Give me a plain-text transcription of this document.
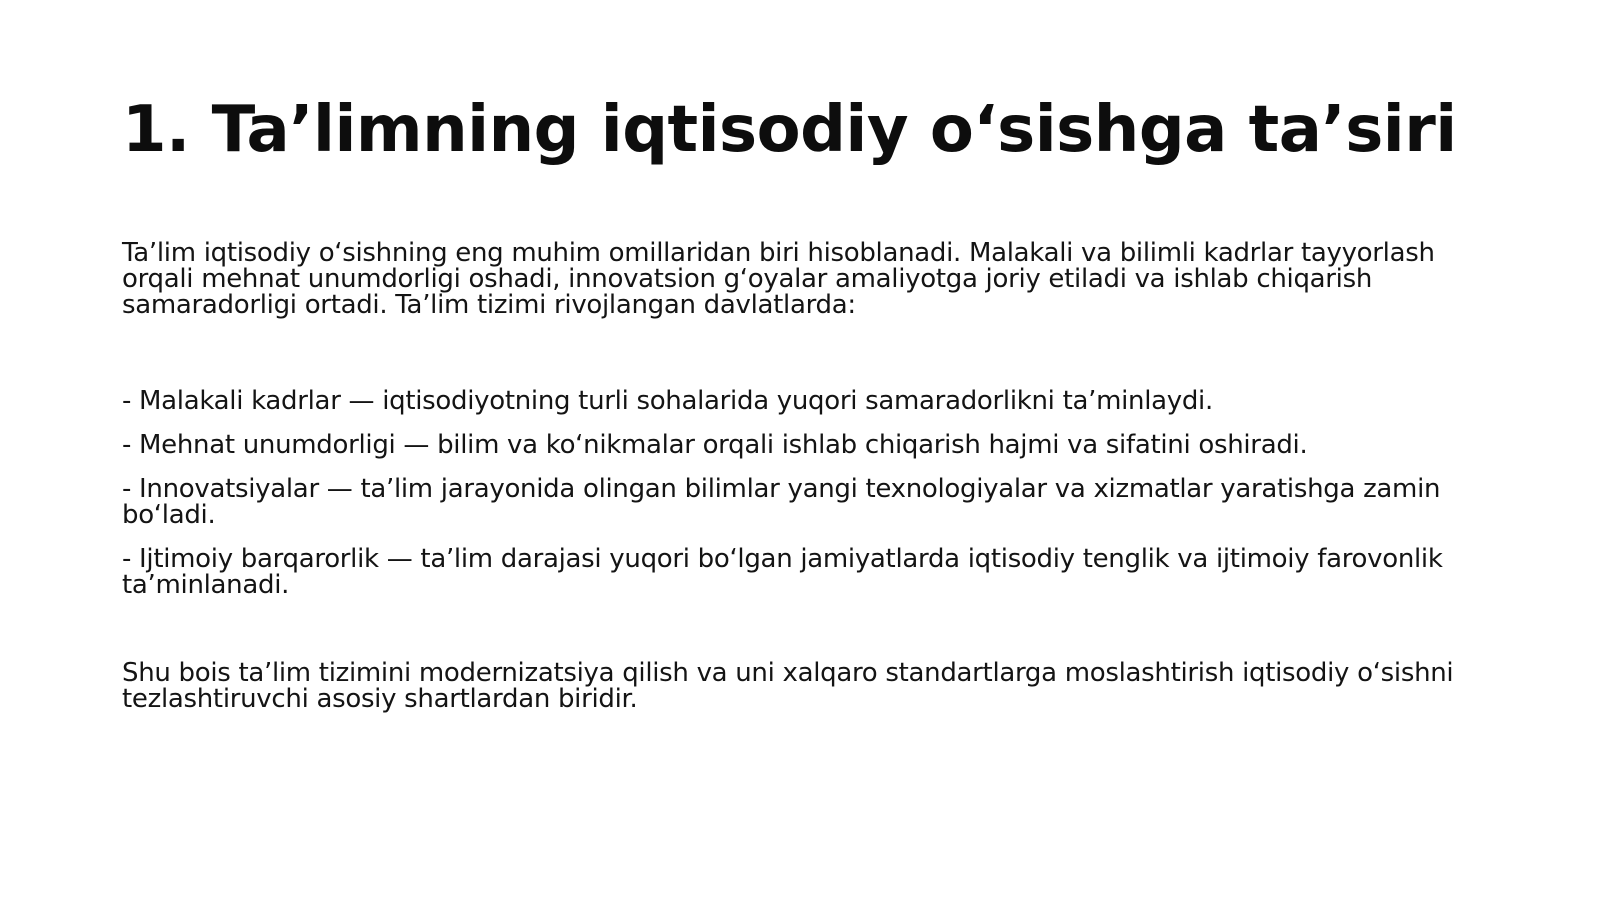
1. Ta’limning iqtisodiy o‘sishga ta’siri

Ta’lim iqtisodiy o‘sishning eng muhim omillaridan biri hisoblanadi. Malakali va bilimli kadrlar tayyorlash orqali mehnat unumdorligi oshadi, innovatsion g‘oyalar amaliyotga joriy etiladi va ishlab chiqarish samaradorligi ortadi. Ta’lim tizimi rivojlangan davlatlarda:

- Malakali kadrlar — iqtisodiyotning turli sohalarida yuqori samaradorlikni ta’minlaydi.
- Mehnat unumdorligi — bilim va ko‘nikmalar orqali ishlab chiqarish hajmi va sifatini oshiradi.
- Innovatsiyalar — ta’lim jarayonida olingan bilimlar yangi texnologiyalar va xizmatlar yaratishga zamin bo‘ladi.
- Ijtimoiy barqarorlik — ta’lim darajasi yuqori bo‘lgan jamiyatlarda iqtisodiy tenglik va ijtimoiy farovonlik ta’minlanadi.

Shu bois ta’lim tizimini modernizatsiya qilish va uni xalqaro standartlarga moslashtirish iqtisodiy o‘sishni tezlashtiruvchi asosiy shartlardan biridir.
